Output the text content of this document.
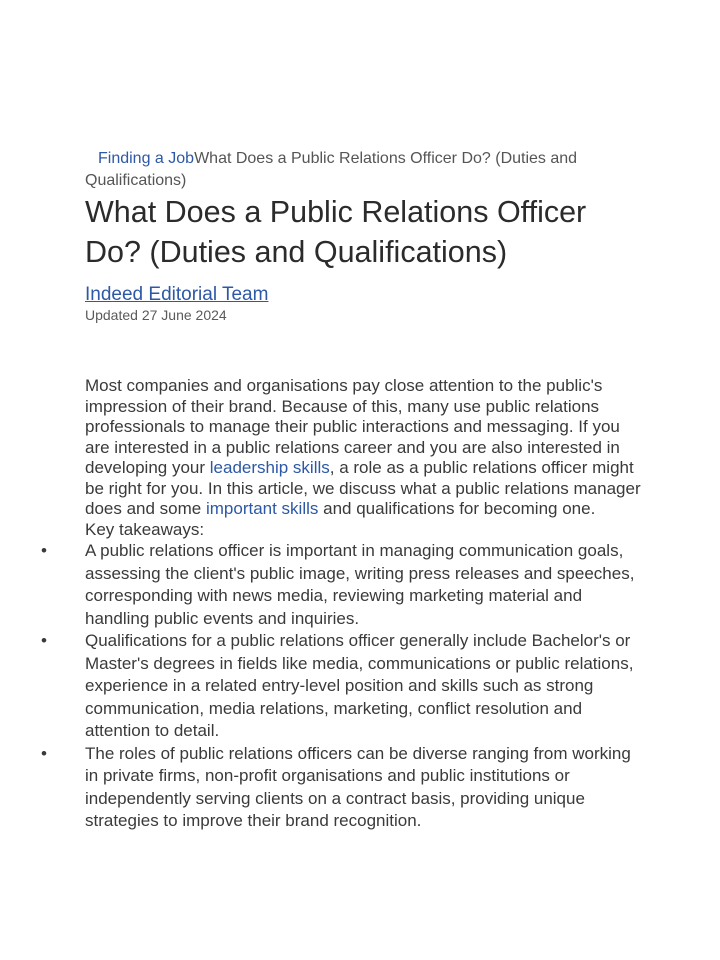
Finding a JobWhat Does a Public Relations Officer Do? (Duties and Qualifications)
What Does a Public Relations Officer Do? (Duties and Qualifications)
Indeed Editorial Team
Updated 27 June 2024
Most companies and organisations pay close attention to the public's impression of their brand. Because of this, many use public relations professionals to manage their public interactions and messaging. If you are interested in a public relations career and you are also interested in developing your leadership skills, a role as a public relations officer might be right for you. In this article, we discuss what a public relations manager does and some important skills and qualifications for becoming one.
Key takeaways:
• A public relations officer is important in managing communication goals, assessing the client's public image, writing press releases and speeches, corresponding with news media, reviewing marketing material and handling public events and inquiries.
• Qualifications for a public relations officer generally include Bachelor's or Master's degrees in fields like media, communications or public relations, experience in a related entry-level position and skills such as strong communication, media relations, marketing, conflict resolution and attention to detail.
• The roles of public relations officers can be diverse ranging from working in private firms, non-profit organisations and public institutions or independently serving clients on a contract basis, providing unique strategies to improve their brand recognition.
